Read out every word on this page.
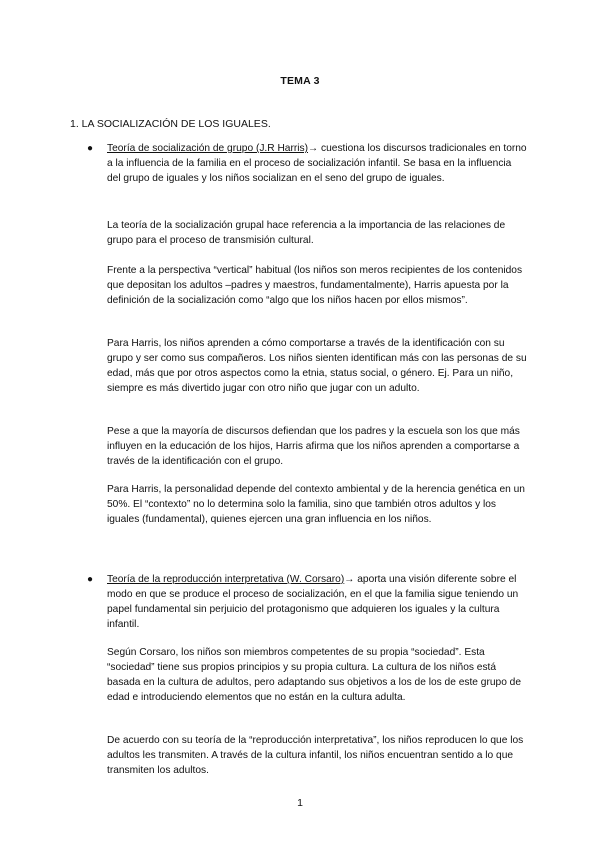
TEMA 3
1. LA SOCIALIZACIÓN DE LOS IGUALES.
● Teoría de socialización de grupo (J.R Harris)→ cuestiona los discursos tradicionales en torno a la influencia de la familia en el proceso de socialización infantil. Se basa en la influencia del grupo de iguales y los niños socializan en el seno del grupo de iguales.

La teoría de la socialización grupal hace referencia a la importancia de las relaciones de grupo para el proceso de transmisión cultural.

Frente a la perspectiva “vertical” habitual (los niños son meros recipientes de los contenidos que depositan los adultos –padres y maestros, fundamentalmente), Harris apuesta por la definición de la socialización como “algo que los niños hacen por ellos mismos”.

Para Harris, los niños aprenden a cómo comportarse a través de la identificación con su grupo y ser como sus compañeros. Los niños sienten identifican más con las personas de su edad, más que por otros aspectos como la etnia, status social, o género. Ej. Para un niño, siempre es más divertido jugar con otro niño que jugar con un adulto.

Pese a que la mayoría de discursos defiendan que los padres y la escuela son los que más influyen en la educación de los hijos, Harris afirma que los niños aprenden a comportarse a través de la identificación con el grupo.

Para Harris, la personalidad depende del contexto ambiental y de la herencia genética en un 50%. El “contexto” no lo determina solo la familia, sino que también otros adultos y los iguales (fundamental), quienes ejercen una gran influencia en los niños.

● Teoría de la reproducción interpretativa (W. Corsaro)→ aporta una visión diferente sobre el modo en que se produce el proceso de socialización, en el que la familia sigue teniendo un papel fundamental sin perjuicio del protagonismo que adquieren los iguales y la cultura infantil.

Según Corsaro, los niños son miembros competentes de su propia “sociedad”. Esta “sociedad” tiene sus propios principios y su propia cultura. La cultura de los niños está basada en la cultura de adultos, pero adaptando sus objetivos a los de los de este grupo de edad e introduciendo elementos que no están en la cultura adulta.

De acuerdo con su teoría de la “reproducción interpretativa”, los niños reproducen lo que los adultos les transmiten. A través de la cultura infantil, los niños encuentran sentido a lo que transmiten los adultos.

1
